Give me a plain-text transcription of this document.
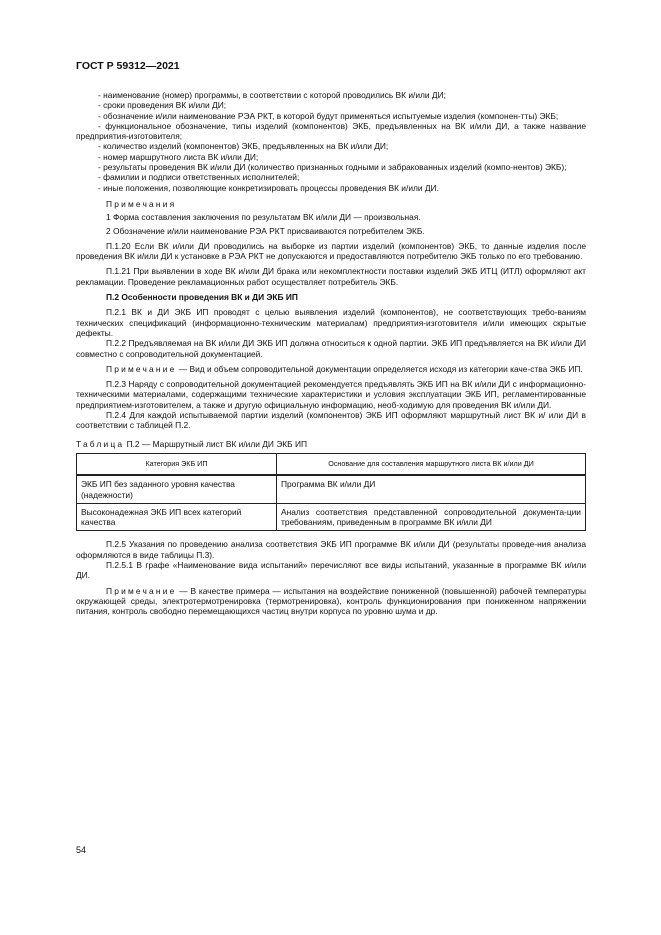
ГОСТ Р 59312—2021

- наименование (номер) программы, в соответствии с которой проводились ВК и/или ДИ;

- сроки проведения ВК и/или ДИ;

- обозначение и/или наименование РЭА РКТ, в которой будут применяться испытуемые изделия (компонен-тты) ЭКБ;

- функциональное обозначение, типы изделий (компонентов) ЭКБ, предъявленных на ВК и/или ДИ, а также название предприятия-изготовителя;

- количество изделий (компонентов) ЭКБ, предъявленных на ВК и/или ДИ;

- номер маршрутного листа ВК и/или ДИ;

- результаты проведения ВК и/или ДИ (количество признанных годными и забракованных изделий (компо-нентов) ЭКБ);

- фамилии и подписи ответственных исполнителей;

- иные положения, позволяющие конкретизировать процессы проведения ВК и/или ДИ.

Примечания

1 Форма составления заключения по результатам ВК и/или ДИ — произвольная.

2 Обозначение и/или наименование РЭА РКТ присваиваются потребителем ЭКБ.

П.1.20 Если ВК и/или ДИ проводились на выборке из партии изделий (компонентов) ЭКБ, то данные изделия после проведения ВК и/или ДИ к установке в РЭА РКТ не допускаются и предоставляются потребителю ЭКБ только по его требованию.

П.1.21 При выявлении в ходе ВК и/или ДИ брака или некомплектности поставки изделий ЭКБ ИТЦ (ИТЛ) оформляют акт рекламации. Проведение рекламационных работ осуществляет потребитель ЭКБ.

П.2 Особенности проведения ВК и ДИ ЭКБ ИП

П.2.1 ВК и ДИ ЭКБ ИП проводят с целью выявления изделий (компонентов), не соответствующих требо-ваниям технических спецификаций (информационно-техническим материалам) предприятия-изготовителя и/или имеющих скрытые дефекты.

П.2.2 Предъявляемая на ВК и/или ДИ ЭКБ ИП должна относиться к одной партии. ЭКБ ИП предъявляется на ВК и/или ДИ совместно с сопроводительной документацией.

Примечание — Вид и объем сопроводительной документации определяется исходя из категории каче-ства ЭКБ ИП.

П.2.3 Наряду с сопроводительной документацией рекомендуется предъявлять ЭКБ ИП на ВК и/или ДИ с информационно-техническими материалами, содержащими технические характеристики и условия эксплуатации ЭКБ ИП, регламентированные предприятием-изготовителем, а также и другую официальную информацию, необ-ходимую для проведения ВК и/или ДИ.

П.2.4 Для каждой испытываемой партии изделий (компонентов) ЭКБ ИП оформляют маршрутный лист ВК и/ или ДИ в соответствии с таблицей П.2.

Таблица П.2 — Маршрутный лист ВК и/или ДИ ЭКБ ИП

Категория ЭКБ ИП	Основание для составления маршрутного листа ВК и/или ДИ
ЭКБ ИП без заданного уровня качества (надежности)	Программа ВК и/или ДИ
Высоконадежная ЭКБ ИП всех категорий качества	Анализ соответствия представленной сопроводительной документа-ции требованиям, приведенным в программе ВК и/или ДИ

П.2.5 Указания по проведению анализа соответствия ЭКБ ИП программе ВК и/или ДИ (результаты проведе-ния анализа оформляются в виде таблицы П.3).

П.2.5.1 В графе «Наименование вида испытаний» перечисляют все виды испытаний, указанные в программе ВК и/или ДИ.

Примечание — В качестве примера — испытания на воздействие пониженной (повышенной) рабочей температуры окружающей среды, электротермотренировка (термотренировка), контроль функционирования при пониженном напряжении питания, контроль свободно перемещающихся частиц внутри корпуса по уровню шума и др.

54
